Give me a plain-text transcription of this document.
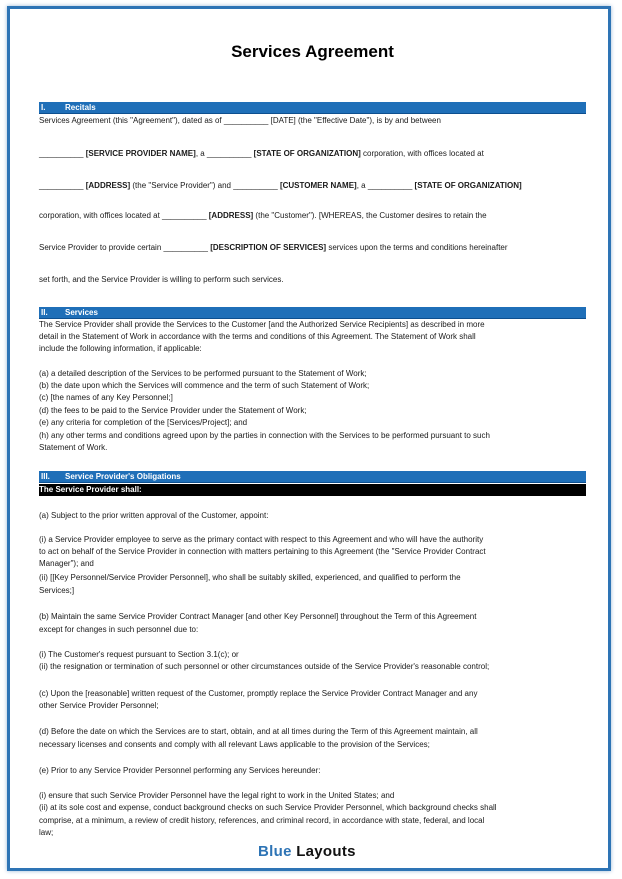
Services Agreement
I. Recitals
Services Agreement (this "Agreement"), dated as of __________ [DATE] (the "Effective Date"), is by and between
__________ [SERVICE PROVIDER NAME], a __________ [STATE OF ORGANIZATION] corporation, with offices located at
__________ [ADDRESS] (the "Service Provider") and __________ [CUSTOMER NAME], a __________ [STATE OF ORGANIZATION]
corporation, with offices located at __________ [ADDRESS] (the "Customer"). [WHEREAS, the Customer desires to retain the
Service Provider to provide certain __________ [DESCRIPTION OF SERVICES] services upon the terms and conditions hereinafter
set forth, and the Service Provider is willing to perform such services.
II. Services
The Service Provider shall provide the Services to the Customer [and the Authorized Service Recipients] as described in more
detail in the Statement of Work in accordance with the terms and conditions of this Agreement. The Statement of Work shall
include the following information, if applicable:
(a) a detailed description of the Services to be performed pursuant to the Statement of Work;
(b) the date upon which the Services will commence and the term of such Statement of Work;
(c) [the names of any Key Personnel;]
(d) the fees to be paid to the Service Provider under the Statement of Work;
(e) any criteria for completion of the [Services/Project]; and
(h) any other terms and conditions agreed upon by the parties in connection with the Services to be performed pursuant to such
Statement of Work.
III. Service Provider's Obligations
The Service Provider shall:
(a) Subject to the prior written approval of the Customer, appoint:
(i) a Service Provider employee to serve as the primary contact with respect to this Agreement and who will have the authority
to act on behalf of the Service Provider in connection with matters pertaining to this Agreement (the "Service Provider Contract
Manager"); and
(ii) [[Key Personnel/Service Provider Personnel], who shall be suitably skilled, experienced, and qualified to perform the
Services;]
(b) Maintain the same Service Provider Contract Manager [and other Key Personnel] throughout the Term of this Agreement
except for changes in such personnel due to:
(i) The Customer's request pursuant to Section 3.1(c); or
(ii) the resignation or termination of such personnel or other circumstances outside of the Service Provider's reasonable control;
(c) Upon the [reasonable] written request of the Customer, promptly replace the Service Provider Contract Manager and any
other Service Provider Personnel;
(d) Before the date on which the Services are to start, obtain, and at all times during the Term of this Agreement maintain, all
necessary licenses and consents and comply with all relevant Laws applicable to the provision of the Services;
(e) Prior to any Service Provider Personnel performing any Services hereunder:
(i) ensure that such Service Provider Personnel have the legal right to work in the United States; and
(ii) at its sole cost and expense, conduct background checks on such Service Provider Personnel, which background checks shall
comprise, at a minimum, a review of credit history, references, and criminal record, in accordance with state, federal, and local
law;
Blue Layouts
